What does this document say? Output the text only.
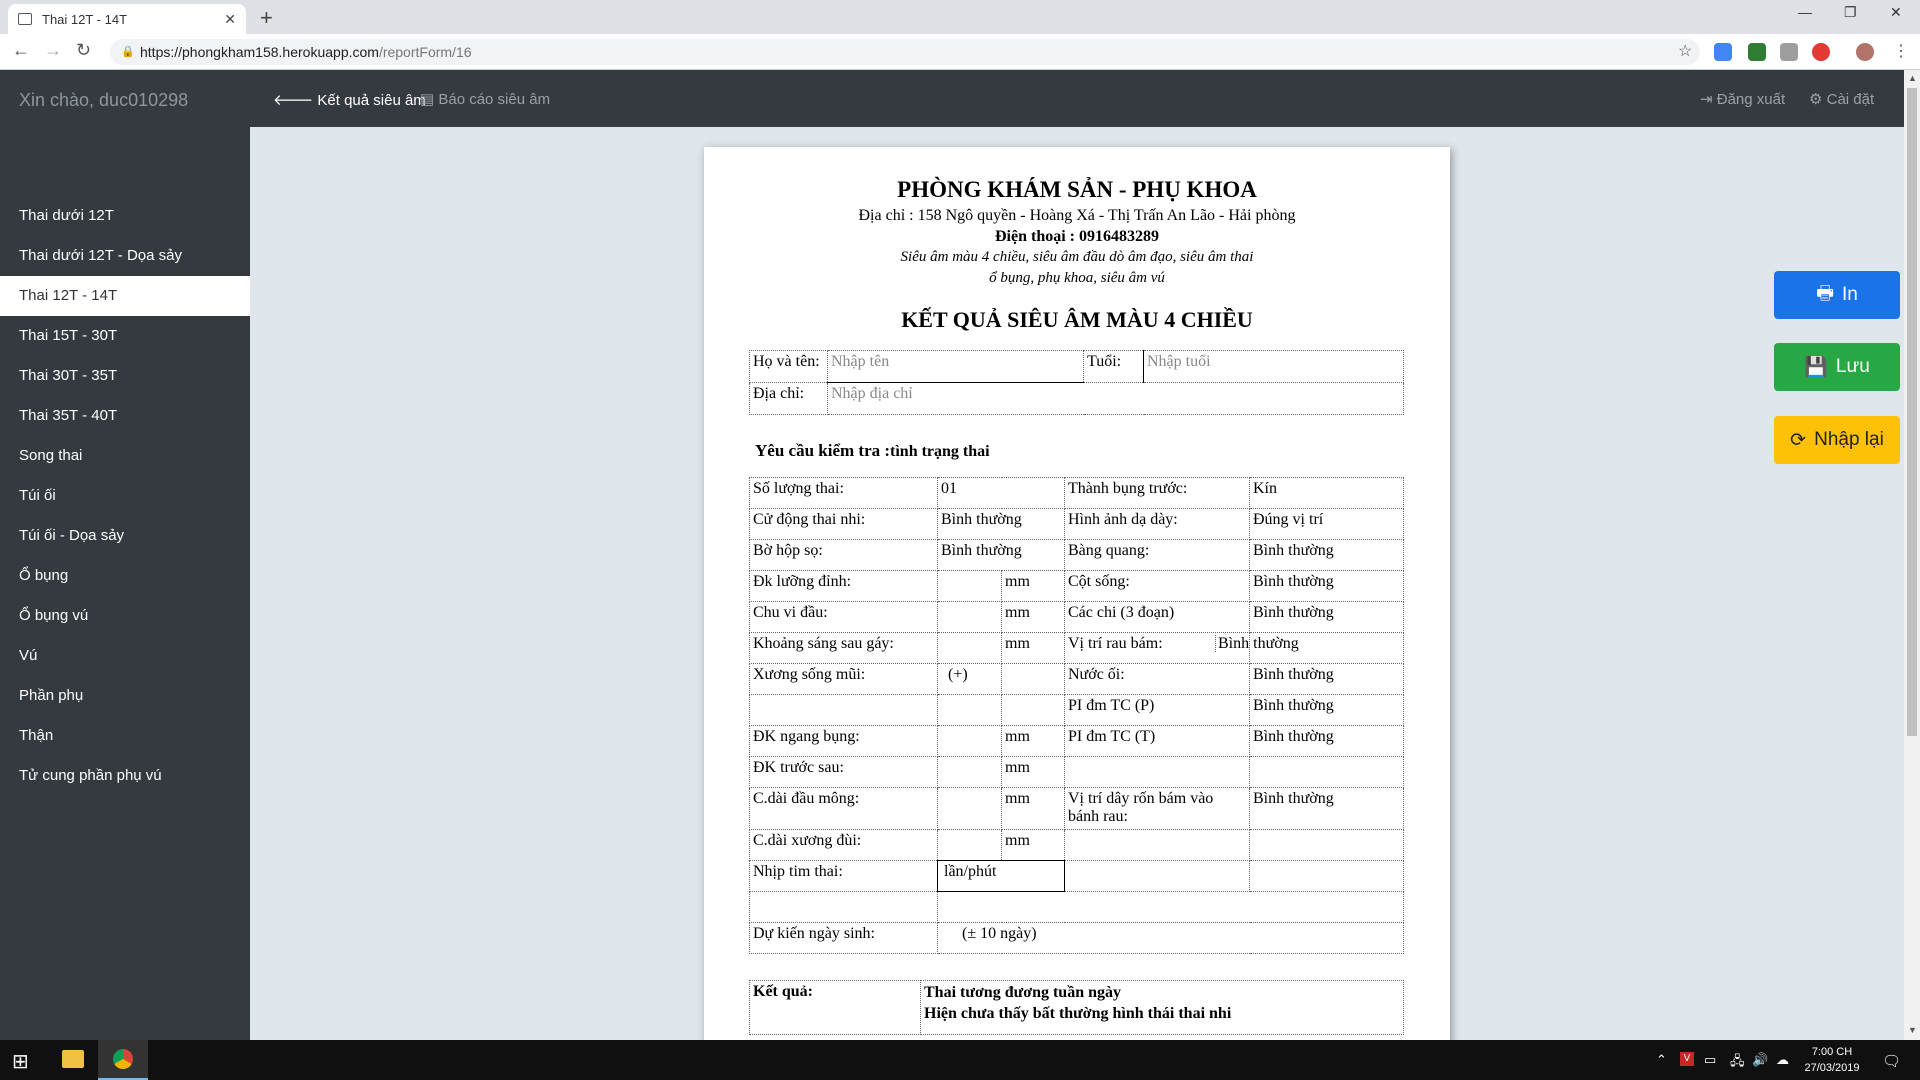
Thai 12T - 14T	✕ +	— ❐ ✕
← → ↻	🔒 https://phongkham158.herokuapp.com/reportForm/16	☆	⋮
Xin chào, duc010298
Thai dưới 12T
Thai dưới 12T - Dọa sảy
Thai 12T - 14T
Thai 15T - 30T
Thai 30T - 35T
Thai 35T - 40T
Song thai
Túi ối
Túi ối - Dọa sảy
Ổ bụng
Ổ bụng vú
Vú
Phần phụ
Thận
Tử cung phần phụ vú
🡐 Kết quả siêu âm
▤ Báo cáo siêu âm	⇥ Đăng xuất ⚙ Cài đặt
PHÒNG KHÁM SẢN - PHỤ KHOA
Địa chỉ : 158 Ngô quyền - Hoàng Xá - Thị Trấn An Lão - Hải phòng
Điện thoại : 0916483289
Siêu âm màu 4 chiều, siêu âm đầu dò âm đạo, siêu âm thai
ổ bụng, phụ khoa, siêu âm vú
KẾT QUẢ SIÊU ÂM MÀU 4 CHIỀU
Họ và tên:	Nhập tên	Tuổi:	Nhập tuổi
Địa chỉ:	Nhập địa chỉ		
Yêu cầu kiểm tra :tình trạng thai
Số lượng thai:	01		Thành bụng trước:	Kín
Cử động thai nhi:	Bình thường		Hình ảnh dạ dày:	Đúng vị trí
Bờ hộp sọ:	Bình thường		Bàng quang:	Bình thường
Đk lưỡng đỉnh:		mm	Cột sống:	Bình thường
Chu vi đầu:		mm	Các chi (3 đoạn)	Bình thường
Khoảng sáng sau gáy:		mm	Vị trí rau bám:	Bình thường
Xương sống mũi:	(+)		Nước ối:	Bình thường
			PI đm TC (P)	Bình thường
ĐK ngang bụng:		mm	PI đm TC (T)	Bình thường
ĐK trước sau:		mm		
C.dài đầu mông:		mm	Vị trí dây rốn bám vào bánh rau:	Bình thường
C.dài xương đùi:		mm		
Nhịp tim thai:	lần/phút			

Dự kiến ngày sinh:	(± 10 ngày)			
Kết quả:	Thai tương đương tuần ngày
Hiện chưa thấy bất thường hình thái thai nhi
🖶 In
💾 Lưu
⟳ Nhập lại
▲
▼
⊞	⌃	V ▭ 🖧 🔊 ☁	7:00 CH
27/03/2019	🗨
